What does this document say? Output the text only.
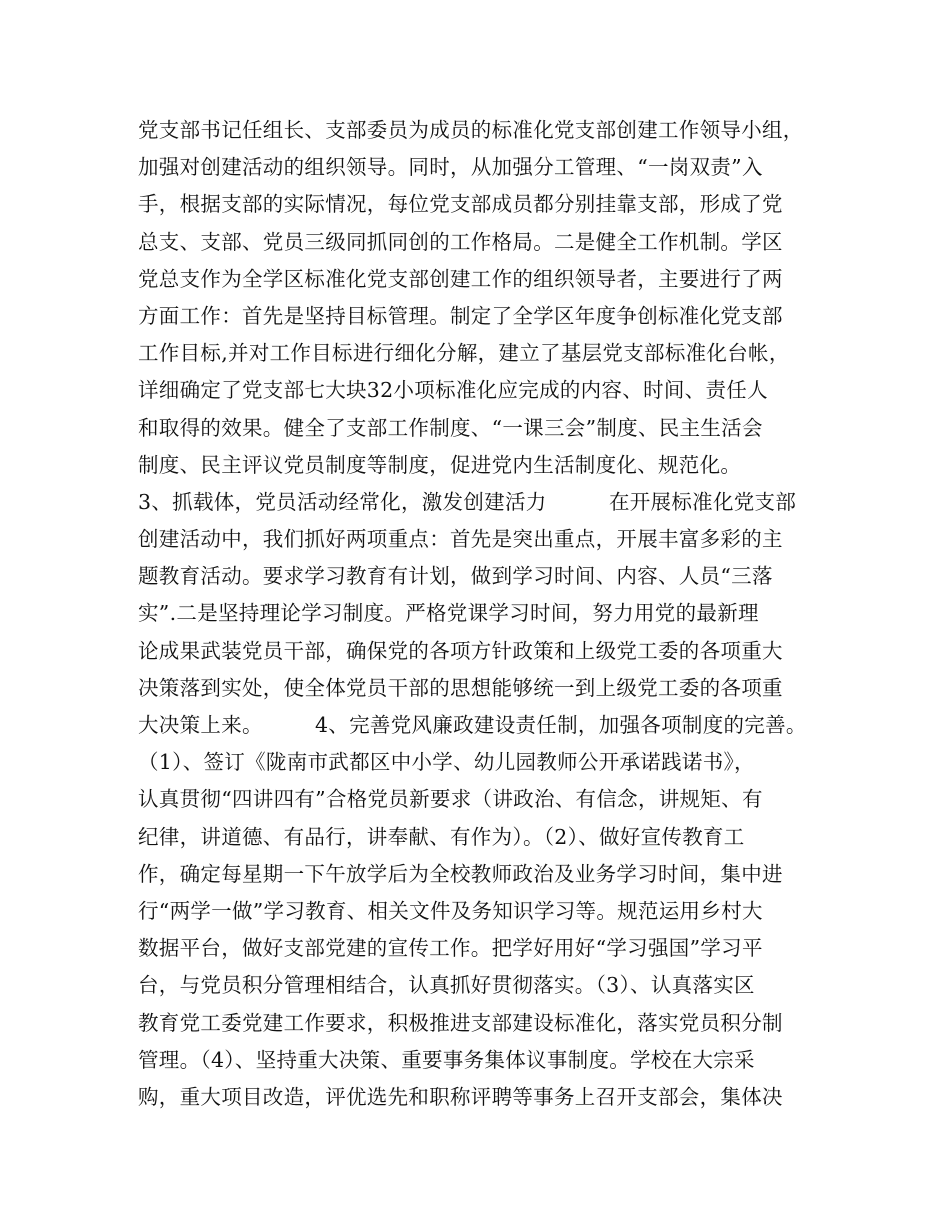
党支部书记任组长、支部委员为成员的标准化党支部创建工作领导小组，
加强对创建活动的组织领导。同时，从加强分工管理、“一岗双责”入
手，根据支部的实际情况，每位党支部成员都分别挂靠支部，形成了党
总支、支部、党员三级同抓同创的工作格局。二是健全工作机制。学区
党总支作为全学区标准化党支部创建工作的组织领导者，主要进行了两
方面工作：首先是坚持目标管理。制定了全学区年度争创标准化党支部
工作目标,并对工作目标进行细化分解，建立了基层党支部标准化台帐，
详细确定了党支部七大块32小项标准化应完成的内容、时间、责任人
和取得的效果。健全了支部工作制度、“一课三会”制度、民主生活会
制度、民主评议党员制度等制度，促进党内生活制度化、规范化。
3、抓载体，党员活动经常化，激发创建活力　　　在开展标准化党支部
创建活动中，我们抓好两项重点：首先是突出重点，开展丰富多彩的主
题教育活动。要求学习教育有计划，做到学习时间、内容、人员“三落
实”.二是坚持理论学习制度。严格党课学习时间，努力用党的最新理
论成果武装党员干部，确保党的各项方针政策和上级党工委的各项重大
决策落到实处，使全体党员干部的思想能够统一到上级党工委的各项重
大决策上来。　　　4、完善党风廉政建设责任制，加强各项制度的完善。
（1）、签订《陇南市武都区中小学、幼儿园教师公开承诺践诺书》，
认真贯彻“四讲四有”合格党员新要求（讲政治、有信念，讲规矩、有
纪律，讲道德、有品行，讲奉献、有作为）。（2）、做好宣传教育工
作，确定每星期一下午放学后为全校教师政治及业务学习时间，集中进
行“两学一做”学习教育、相关文件及务知识学习等。规范运用乡村大
数据平台，做好支部党建的宣传工作。把学好用好“学习强国”学习平
台，与党员积分管理相结合，认真抓好贯彻落实。（3）、认真落实区
教育党工委党建工作要求，积极推进支部建设标准化，落实党员积分制
管理。（4）、坚持重大决策、重要事务集体议事制度。学校在大宗采
购，重大项目改造，评优选先和职称评聘等事务上召开支部会，集体决
